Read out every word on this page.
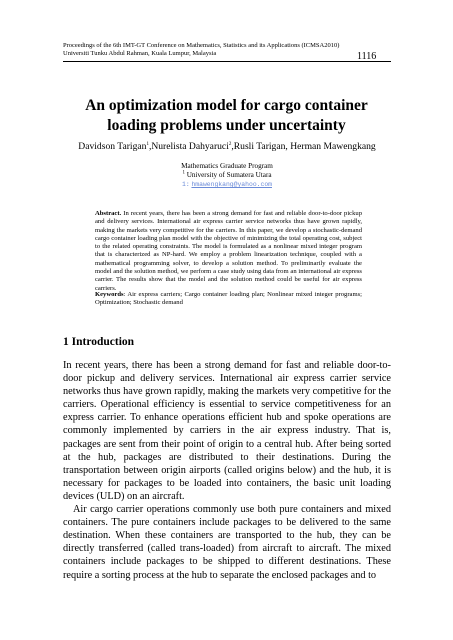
Proceedings of the 6th IMT-GT Conference on Mathematics, Statistics and its Applications (ICMSA2010)
Universiti Tunku Abdul Rahman, Kuala Lumpur, Malaysia	1116
An optimization model for cargo container
loading problems under uncertainty
Davidson Tarigan$^1$,Nurelista Dahyaruci$^2$,Rusli Tarigan, Herman Mawengkang
Mathematics Graduate Program
$^1$ University of Sumatera Utara
1: hmawengkang@yahoo.com
Abstract. In recent years, there has been a strong demand for fast and reliable door-to-door pickup and delivery services. International air express carrier service networks thus have grown rapidly, making the markets very competitive for the carriers. In this paper, we develop a stochastic-demand cargo container loading plan model with the objective of minimizing the total operating cost, subject to the related operating constraints. The model is formulated as a nonlinear mixed integer program that is characterized as NP-hard. We employ a problem linearization technique, coupled with a mathematical programming solver, to develop a solution method. To preliminarily evaluate the model and the solution method, we perform a case study using data from an international air express carrier. The results show that the model and the solution method could be useful for air express carriers.
Keywords: Air express carriers; Cargo container loading plan; Nonlinear mixed integer programs; Optimization; Stochastic demand
1 Introduction

In recent years, there has been a strong demand for fast and reliable door-to-door pickup and delivery services. International air express carrier service networks thus have grown rapidly, making the markets very competitive for the carriers. Operational efficiency is essential to service competitiveness for an express carrier. To enhance operations efficient hub and spoke operations are commonly implemented by carriers in the air express industry. That is, packages are sent from their point of origin to a central hub. After being sorted at the hub, packages are distributed to their destinations. During the transportation between origin airports (called origins below) and the hub, it is necessary for packages to be loaded into containers, the basic unit loading devices (ULD) on an aircraft.

Air cargo carrier operations commonly use both pure containers and mixed containers. The pure containers include packages to be delivered to the same destination. When these containers are transported to the hub, they can be directly transferred (called trans-loaded) from aircraft to aircraft. The mixed containers include packages to be shipped to different destinations. These require a sorting process at the hub to separate the enclosed packages and to
